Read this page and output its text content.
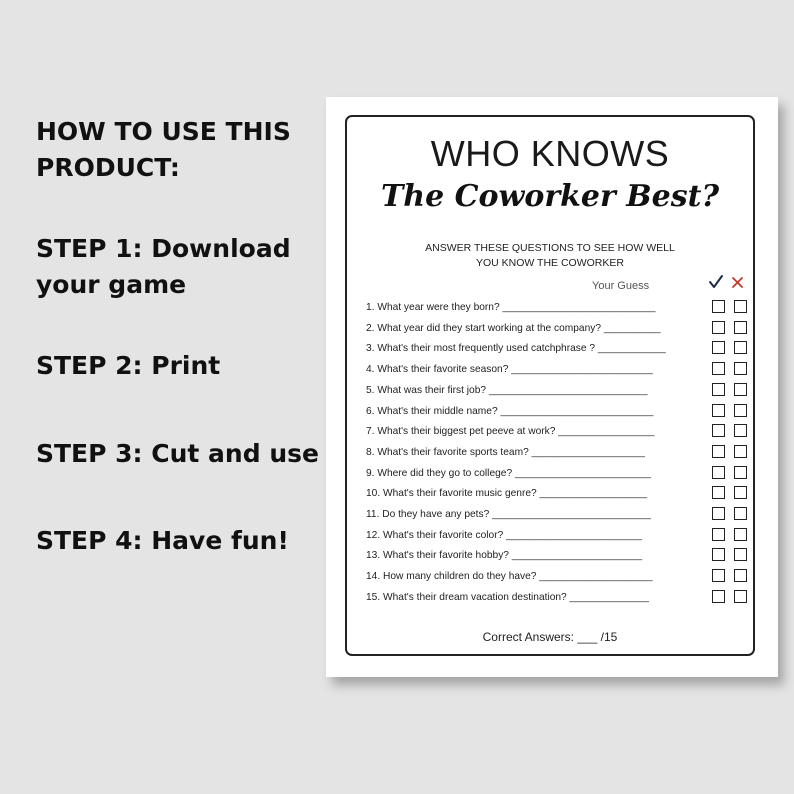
HOW TO USE THIS
PRODUCT:
STEP 1: Download
your game
STEP 2: Print
STEP 3: Cut and use
STEP 4: Have fun!
WHO KNOWS
The Coworker Best?
ANSWER THESE QUESTIONS TO SEE HOW WELL
YOU KNOW THE COWORKER
Your Guess
1. What year were they born? ___________________________
2. What year did they start working at the company? __________
3. What's their most frequently used catchphrase ? ____________
4. What's their favorite season? _________________________
5. What was their first job? ____________________________
6. What's their middle name? ___________________________
7. What's their biggest pet peeve at work? _________________
8. What's their favorite sports team? ____________________
9. Where did they go to college? ________________________
10. What's their favorite music genre? ___________________
11. Do they have any pets? ____________________________
12. What's their favorite color? ________________________
13. What's their favorite hobby? _______________________
14. How many children do they have? ____________________
15. What's their dream vacation destination? ______________
Correct Answers: ___ /15
